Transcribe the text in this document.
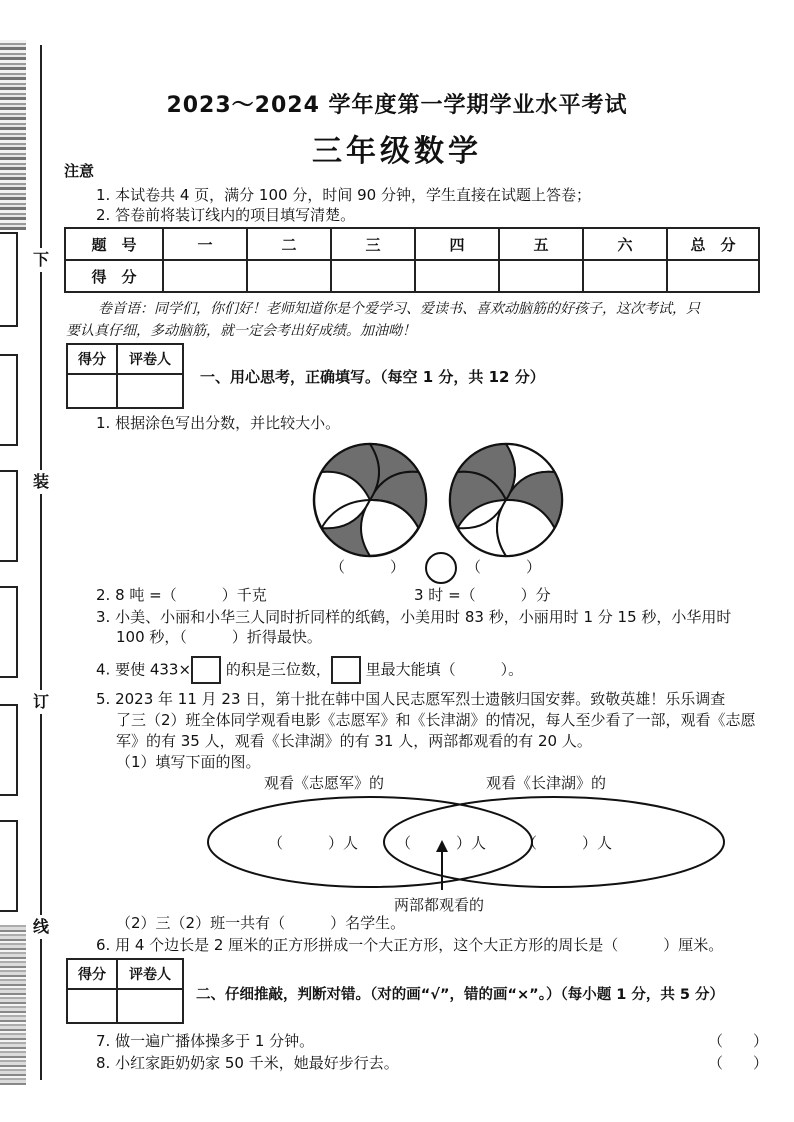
下
装
订
线
2023～2024 学年度第一学期学业水平考试
三年级数学
注意
1. 本试卷共 4 页，满分 100 分，时间 90 分钟，学生直接在试题上答卷；
2. 答卷前将装订线内的项目填写清楚。
题　号	一	二	三	四	五	六	总　分
得　分							
卷首语：同学们，你们好！老师知道你是个爱学习、爱读书、喜欢动脑筋的好孩子，这次考试，只
要认真仔细，多动脑筋，就一定会考出好成绩。加油呦！
得分	评卷人

一、用心思考，正确填写。（每空 1 分，共 12 分）
1. 根据涂色写出分数，并比较大小。
（　　　）	（　　　）
2. 8 吨 =（　　　）千克	3 时 =（　　　）分
3. 小美、小丽和小华三人同时折同样的纸鹤，小美用时 83 秒，小丽用时 1 分 15 秒，小华用时
100 秒，（　　　）折得最快。
4. 要使 433× 的积是三位数， 里最大能填（　　　）。
5. 2023 年 11 月 23 日，第十批在韩中国人民志愿军烈士遗骸归国安葬。致敬英雄！乐乐调查
了三（2）班全体同学观看电影《志愿军》和《长津湖》的情况，每人至少看了一部，观看《志愿
军》的有 35 人，观看《长津湖》的有 31 人，两部都观看的有 20 人。
（1）填写下面的图。
观看《志愿军》的	观看《长津湖》的
（　　　）人	（　　　）人 （　　　）人
两部都观看的
（2）三（2）班一共有（　　　）名学生。
6. 用 4 个边长是 2 厘米的正方形拼成一个大正方形，这个大正方形的周长是（　　　）厘米。
得分	评卷人

二、仔细推敲，判断对错。（对的画“√”，错的画“×”。）（每小题 1 分，共 5 分）
7. 做一遍广播体操多于 1 分钟。	（　　）
8. 小红家距奶奶家 50 千米，她最好步行去。	（　　）
